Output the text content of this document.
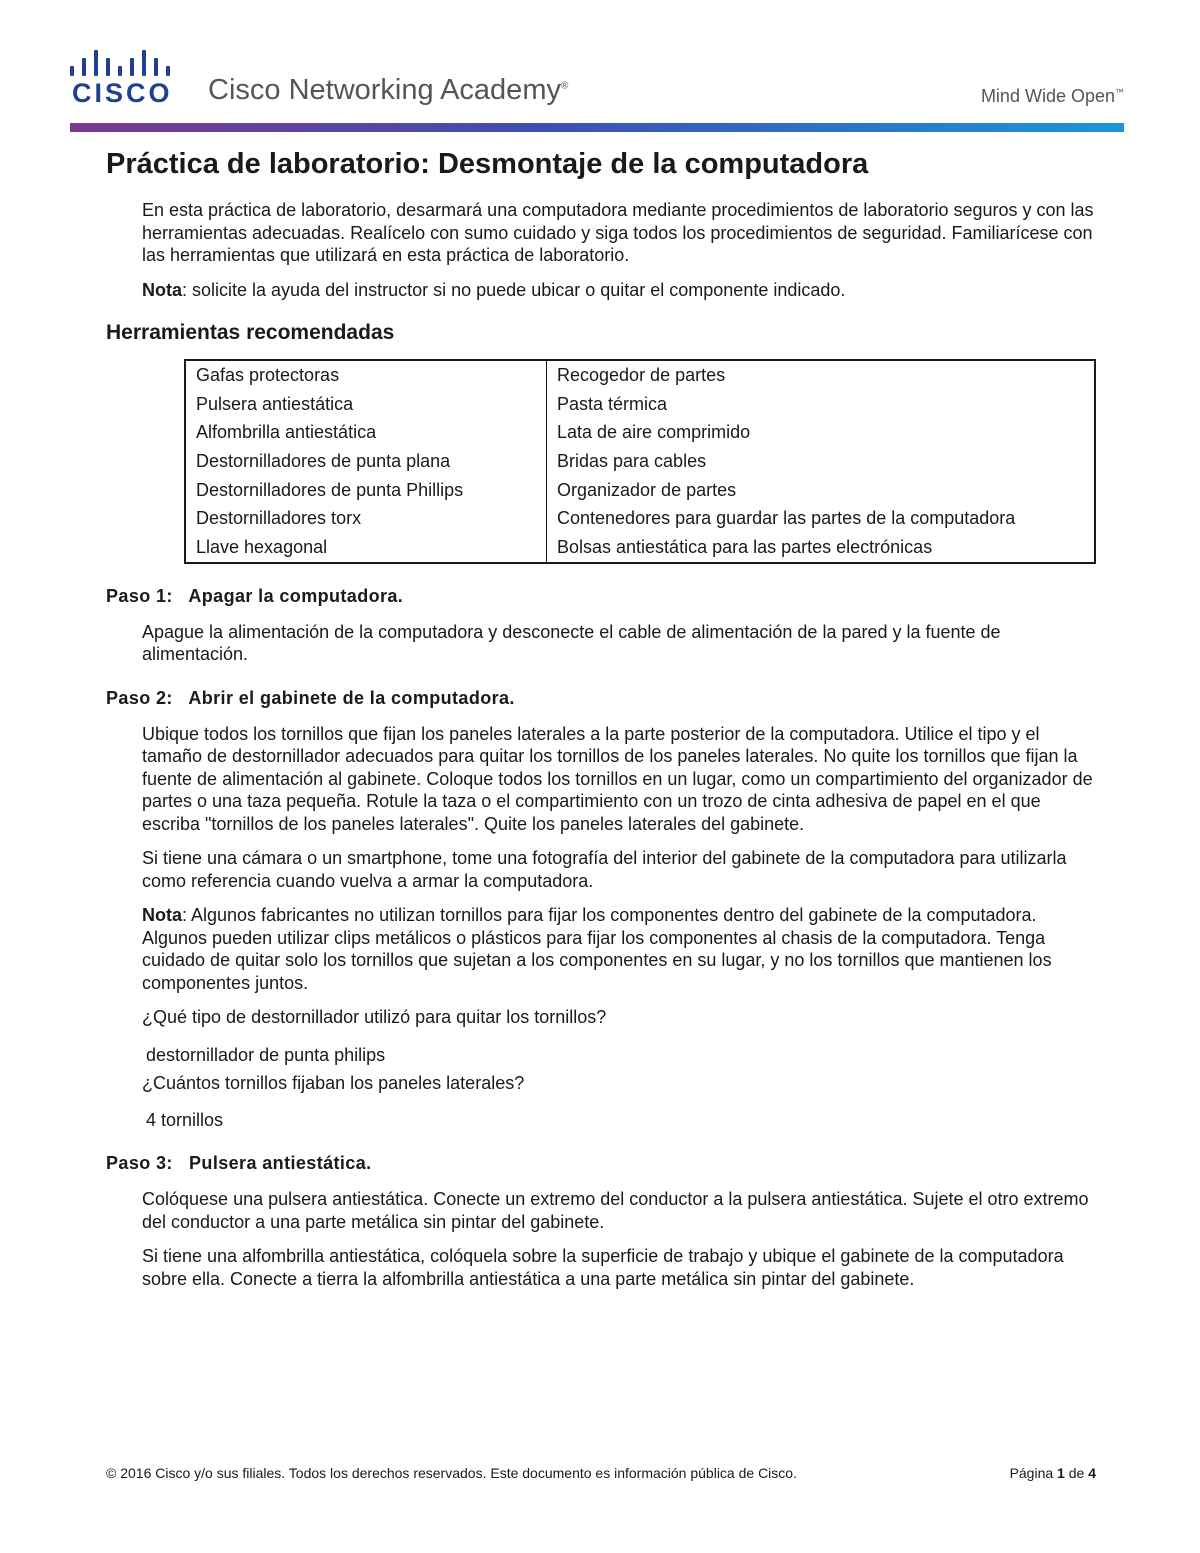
CISCO Cisco Networking Academy®
Mind Wide Open™
Práctica de laboratorio: Desmontaje de la computadora

En esta práctica de laboratorio, desarmará una computadora mediante procedimientos de laboratorio seguros y con las herramientas adecuadas. Realícelo con sumo cuidado y siga todos los procedimientos de seguridad. Familiarícese con las herramientas que utilizará en esta práctica de laboratorio.

Nota: solicite la ayuda del instructor si no puede ubicar o quitar el componente indicado.

Herramientas recomendadas
Gafas protectoras	Recogedor de partes
Pulsera antiestática	Pasta térmica
Alfombrilla antiestática	Lata de aire comprimido
Destornilladores de punta plana	Bridas para cables
Destornilladores de punta Phillips	Organizador de partes
Destornilladores torx	Contenedores para guardar las partes de la computadora
Llave hexagonal	Bolsas antiestática para las partes electrónicas
Paso 1:   Apagar la computadora.

Apague la alimentación de la computadora y desconecte el cable de alimentación de la pared y la fuente de alimentación.

Paso 2:   Abrir el gabinete de la computadora.

Ubique todos los tornillos que fijan los paneles laterales a la parte posterior de la computadora. Utilice el tipo y el tamaño de destornillador adecuados para quitar los tornillos de los paneles laterales. No quite los tornillos que fijan la fuente de alimentación al gabinete. Coloque todos los tornillos en un lugar, como un compartimiento del organizador de partes o una taza pequeña. Rotule la taza o el compartimiento con un trozo de cinta adhesiva de papel en el que escriba "tornillos de los paneles laterales". Quite los paneles laterales del gabinete.

Si tiene una cámara o un smartphone, tome una fotografía del interior del gabinete de la computadora para utilizarla como referencia cuando vuelva a armar la computadora.

Nota: Algunos fabricantes no utilizan tornillos para fijar los componentes dentro del gabinete de la computadora. Algunos pueden utilizar clips metálicos o plásticos para fijar los componentes al chasis de la computadora. Tenga cuidado de quitar solo los tornillos que sujetan a los componentes en su lugar, y no los tornillos que mantienen los componentes juntos.

¿Qué tipo de destornillador utilizó para quitar los tornillos?

destornillador de punta philips

¿Cuántos tornillos fijaban los paneles laterales?

4 tornillos
Paso 3:   Pulsera antiestática.

Colóquese una pulsera antiestática. Conecte un extremo del conductor a la pulsera antiestática. Sujete el otro extremo del conductor a una parte metálica sin pintar del gabinete.

Si tiene una alfombrilla antiestática, colóquela sobre la superficie de trabajo y ubique el gabinete de la computadora sobre ella. Conecte a tierra la alfombrilla antiestática a una parte metálica sin pintar del gabinete.

© 2016 Cisco y/o sus filiales. Todos los derechos reservados. Este documento es información pública de Cisco.	Página 1 de 4
